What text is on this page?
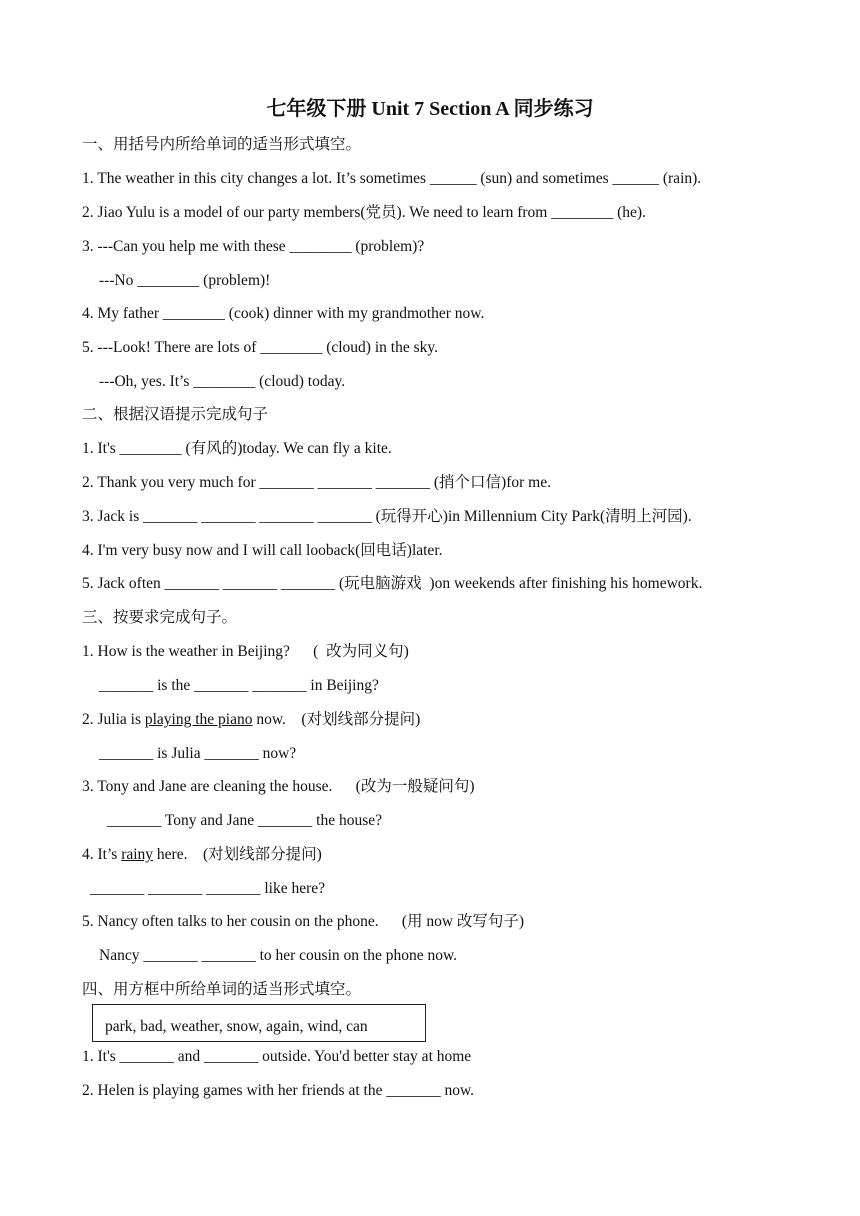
七年级下册 Unit 7 Section A 同步练习
一、用括号内所给单词的适当形式填空。
1. The weather in this city changes a lot. It’s sometimes ______ (sun) and sometimes ______ (rain).
2. Jiao Yulu is a model of our party members(党员). We need to learn from ________ (he).
3. ---Can you help me with these ________ (problem)?
---No ________ (problem)!
4. My father ________ (cook) dinner with my grandmother now.
5. ---Look! There are lots of ________ (cloud) in the sky.
---Oh, yes. It’s ________ (cloud) today.
二、根据汉语提示完成句子
1. It's ________ (有风的)today. We can fly a kite.
2. Thank you very much for _______ _______ _______ (捎个口信)for me.
3. Jack is _______ _______ _______ _______ (玩得开心)in Millennium City Park(清明上河园).
4. I'm very busy now and I will call looback(回电话)later.
5. Jack often _______ _______ _______ (玩电脑游戏  )on weekends after finishing his homework.
三、按要求完成句子。
1. How is the weather in Beijing?      (  改为同义句)
_______ is the _______ _______ in Beijing?
2. Julia is playing the piano now.    (对划线部分提问)
_______ is Julia _______ now?
3. Tony and Jane are cleaning the house.      (改为一般疑问句)
_______ Tony and Jane _______ the house?
4. It’s rainy here.    (对划线部分提问)
_______ _______ _______ like here?
5. Nancy often talks to her cousin on the phone.      (用 now 改写句子)
Nancy _______ _______ to her cousin on the phone now.
四、用方框中所给单词的适当形式填空。
park, bad, weather, snow, again, wind, can
1. It's _______ and _______ outside. You'd better stay at home
2. Helen is playing games with her friends at the _______ now.
